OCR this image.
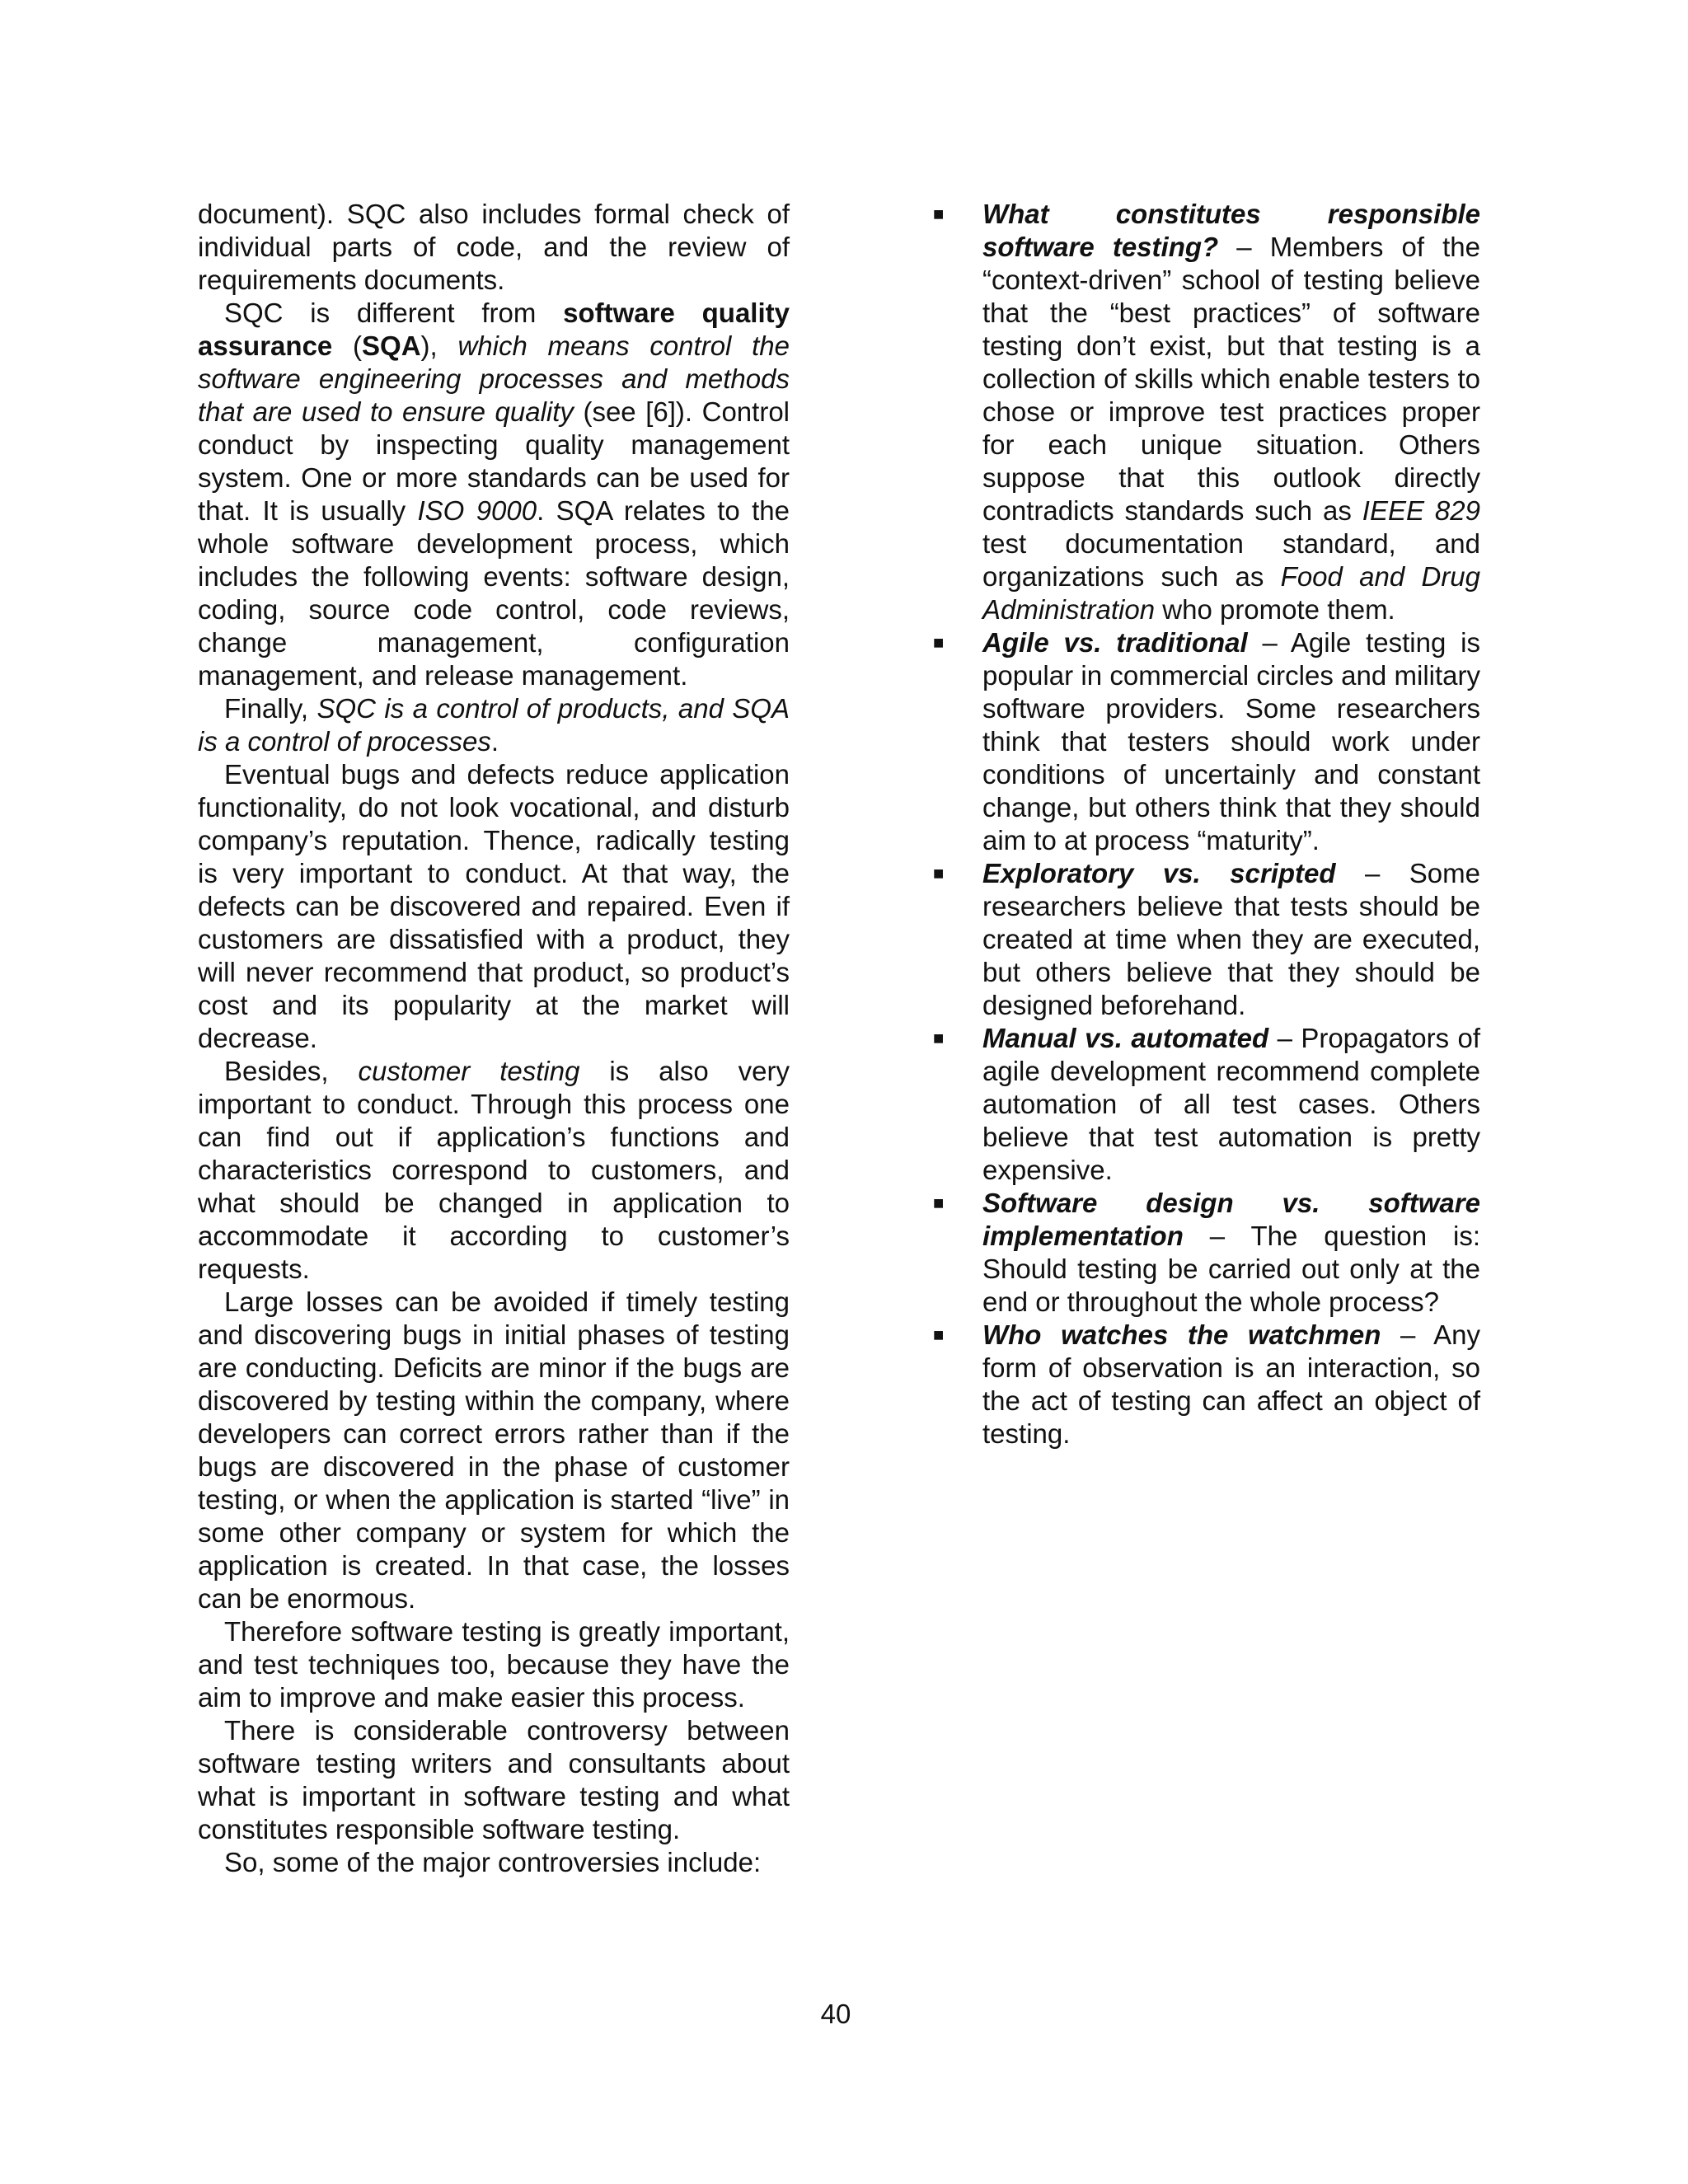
document). SQC also includes formal check of individual parts of code, and the review of requirements documents.

SQC is different from software quality assurance (SQA), which means control the software engineering processes and methods that are used to ensure quality (see [6]). Control conduct by inspecting quality management system. One or more standards can be used for that. It is usually ISO 9000. SQA relates to the whole software development process, which includes the following events: software design, coding, source code control, code reviews, change management, configuration management, and release management.

Finally, SQC is a control of products, and SQA is a control of processes.

Eventual bugs and defects reduce application functionality, do not look vocational, and disturb company’s reputation. Thence, radically testing is very important to conduct. At that way, the defects can be discovered and repaired. Even if customers are dissatisfied with a product, they will never recommend that product, so product’s cost and its popularity at the market will decrease.

Besides, customer testing is also very important to conduct. Through this process one can find out if application’s functions and characteristics correspond to customers, and what should be changed in application to accommodate it according to customer’s requests.

Large losses can be avoided if timely testing and discovering bugs in initial phases of testing are conducting. Deficits are minor if the bugs are discovered by testing within the company, where developers can correct errors rather than if the bugs are discovered in the phase of customer testing, or when the application is started “live” in some other company or system for which the application is created. In that case, the losses can be enormous.

Therefore software testing is greatly important, and test techniques too, because they have the aim to improve and make easier this process.

There is considerable controversy between software testing writers and consultants about what is important in software testing and what constitutes responsible software testing.

So, some of the major controversies include:

■	What constitutes responsible software testing? – Members of the “context-driven” school of testing believe that the “best practices” of software testing don’t exist, but that testing is a collection of skills which enable testers to chose or improve test practices proper for each unique situation. Others suppose that this outlook directly contradicts standards such as IEEE 829 test documentation standard, and organizations such as Food and Drug Administration who promote them.
■	Agile vs. traditional – Agile testing is popular in commercial circles and military software providers. Some researchers think that testers should work under conditions of uncertainly and constant change, but others think that they should aim to at process “maturity”.
■	Exploratory vs. scripted – Some researchers believe that tests should be created at time when they are executed, but others believe that they should be designed beforehand.
■	Manual vs. automated – Propagators of agile development recommend complete automation of all test cases. Others believe that test automation is pretty expensive.
■	Software design vs. software implementation – The question is: Should testing be carried out only at the end or throughout the whole process?
■	Who watches the watchmen – Any form of observation is an interaction, so the act of testing can affect an object of testing.
40
